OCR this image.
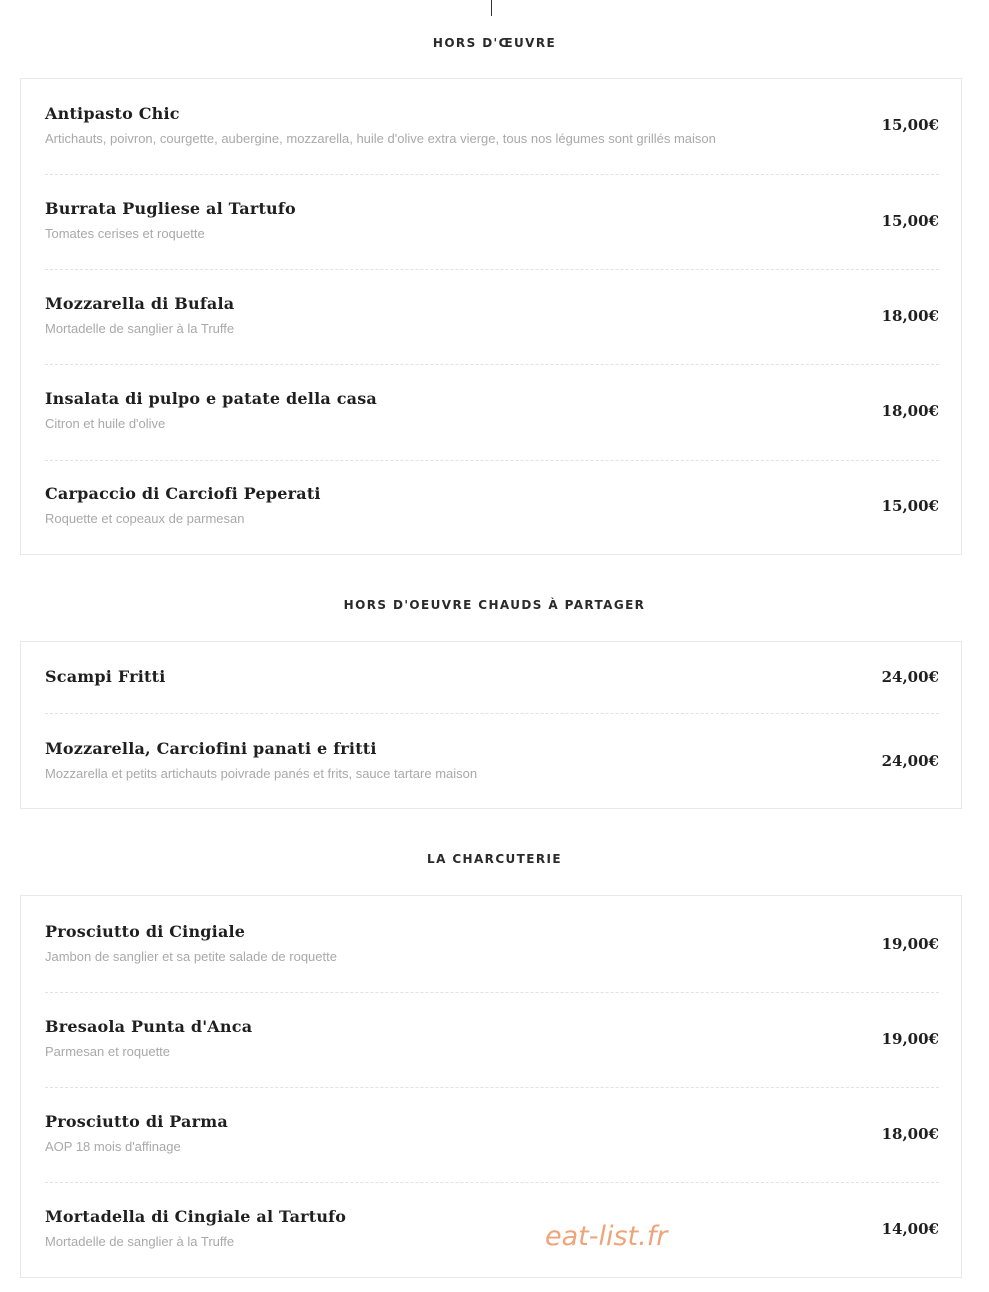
HORS D'ŒUVRE
Antipasto Chic
Artichauts, poivron, courgette, aubergine, mozzarella, huile d'olive extra vierge, tous nos légumes sont grillés maison
15,00€
Burrata Pugliese al Tartufo
Tomates cerises et roquette
15,00€
Mozzarella di Bufala
Mortadelle de sanglier à la Truffe
18,00€
Insalata di pulpo e patate della casa
Citron et huile d'olive
18,00€
Carpaccio di Carciofi Peperati
Roquette et copeaux de parmesan
15,00€
HORS D'OEUVRE CHAUDS À PARTAGER
Scampi Fritti	24,00€
Mozzarella, Carciofini panati e fritti
Mozzarella et petits artichauts poivrade panés et frits, sauce tartare maison
24,00€
LA CHARCUTERIE
Prosciutto di Cingiale
Jambon de sanglier et sa petite salade de roquette
19,00€
Bresaola Punta d'Anca
Parmesan et roquette
19,00€
Prosciutto di Parma
AOP 18 mois d'affinage
18,00€
Mortadella di Cingiale al Tartufo
Mortadelle de sanglier à la Truffe
14,00€
eat-list.fr
